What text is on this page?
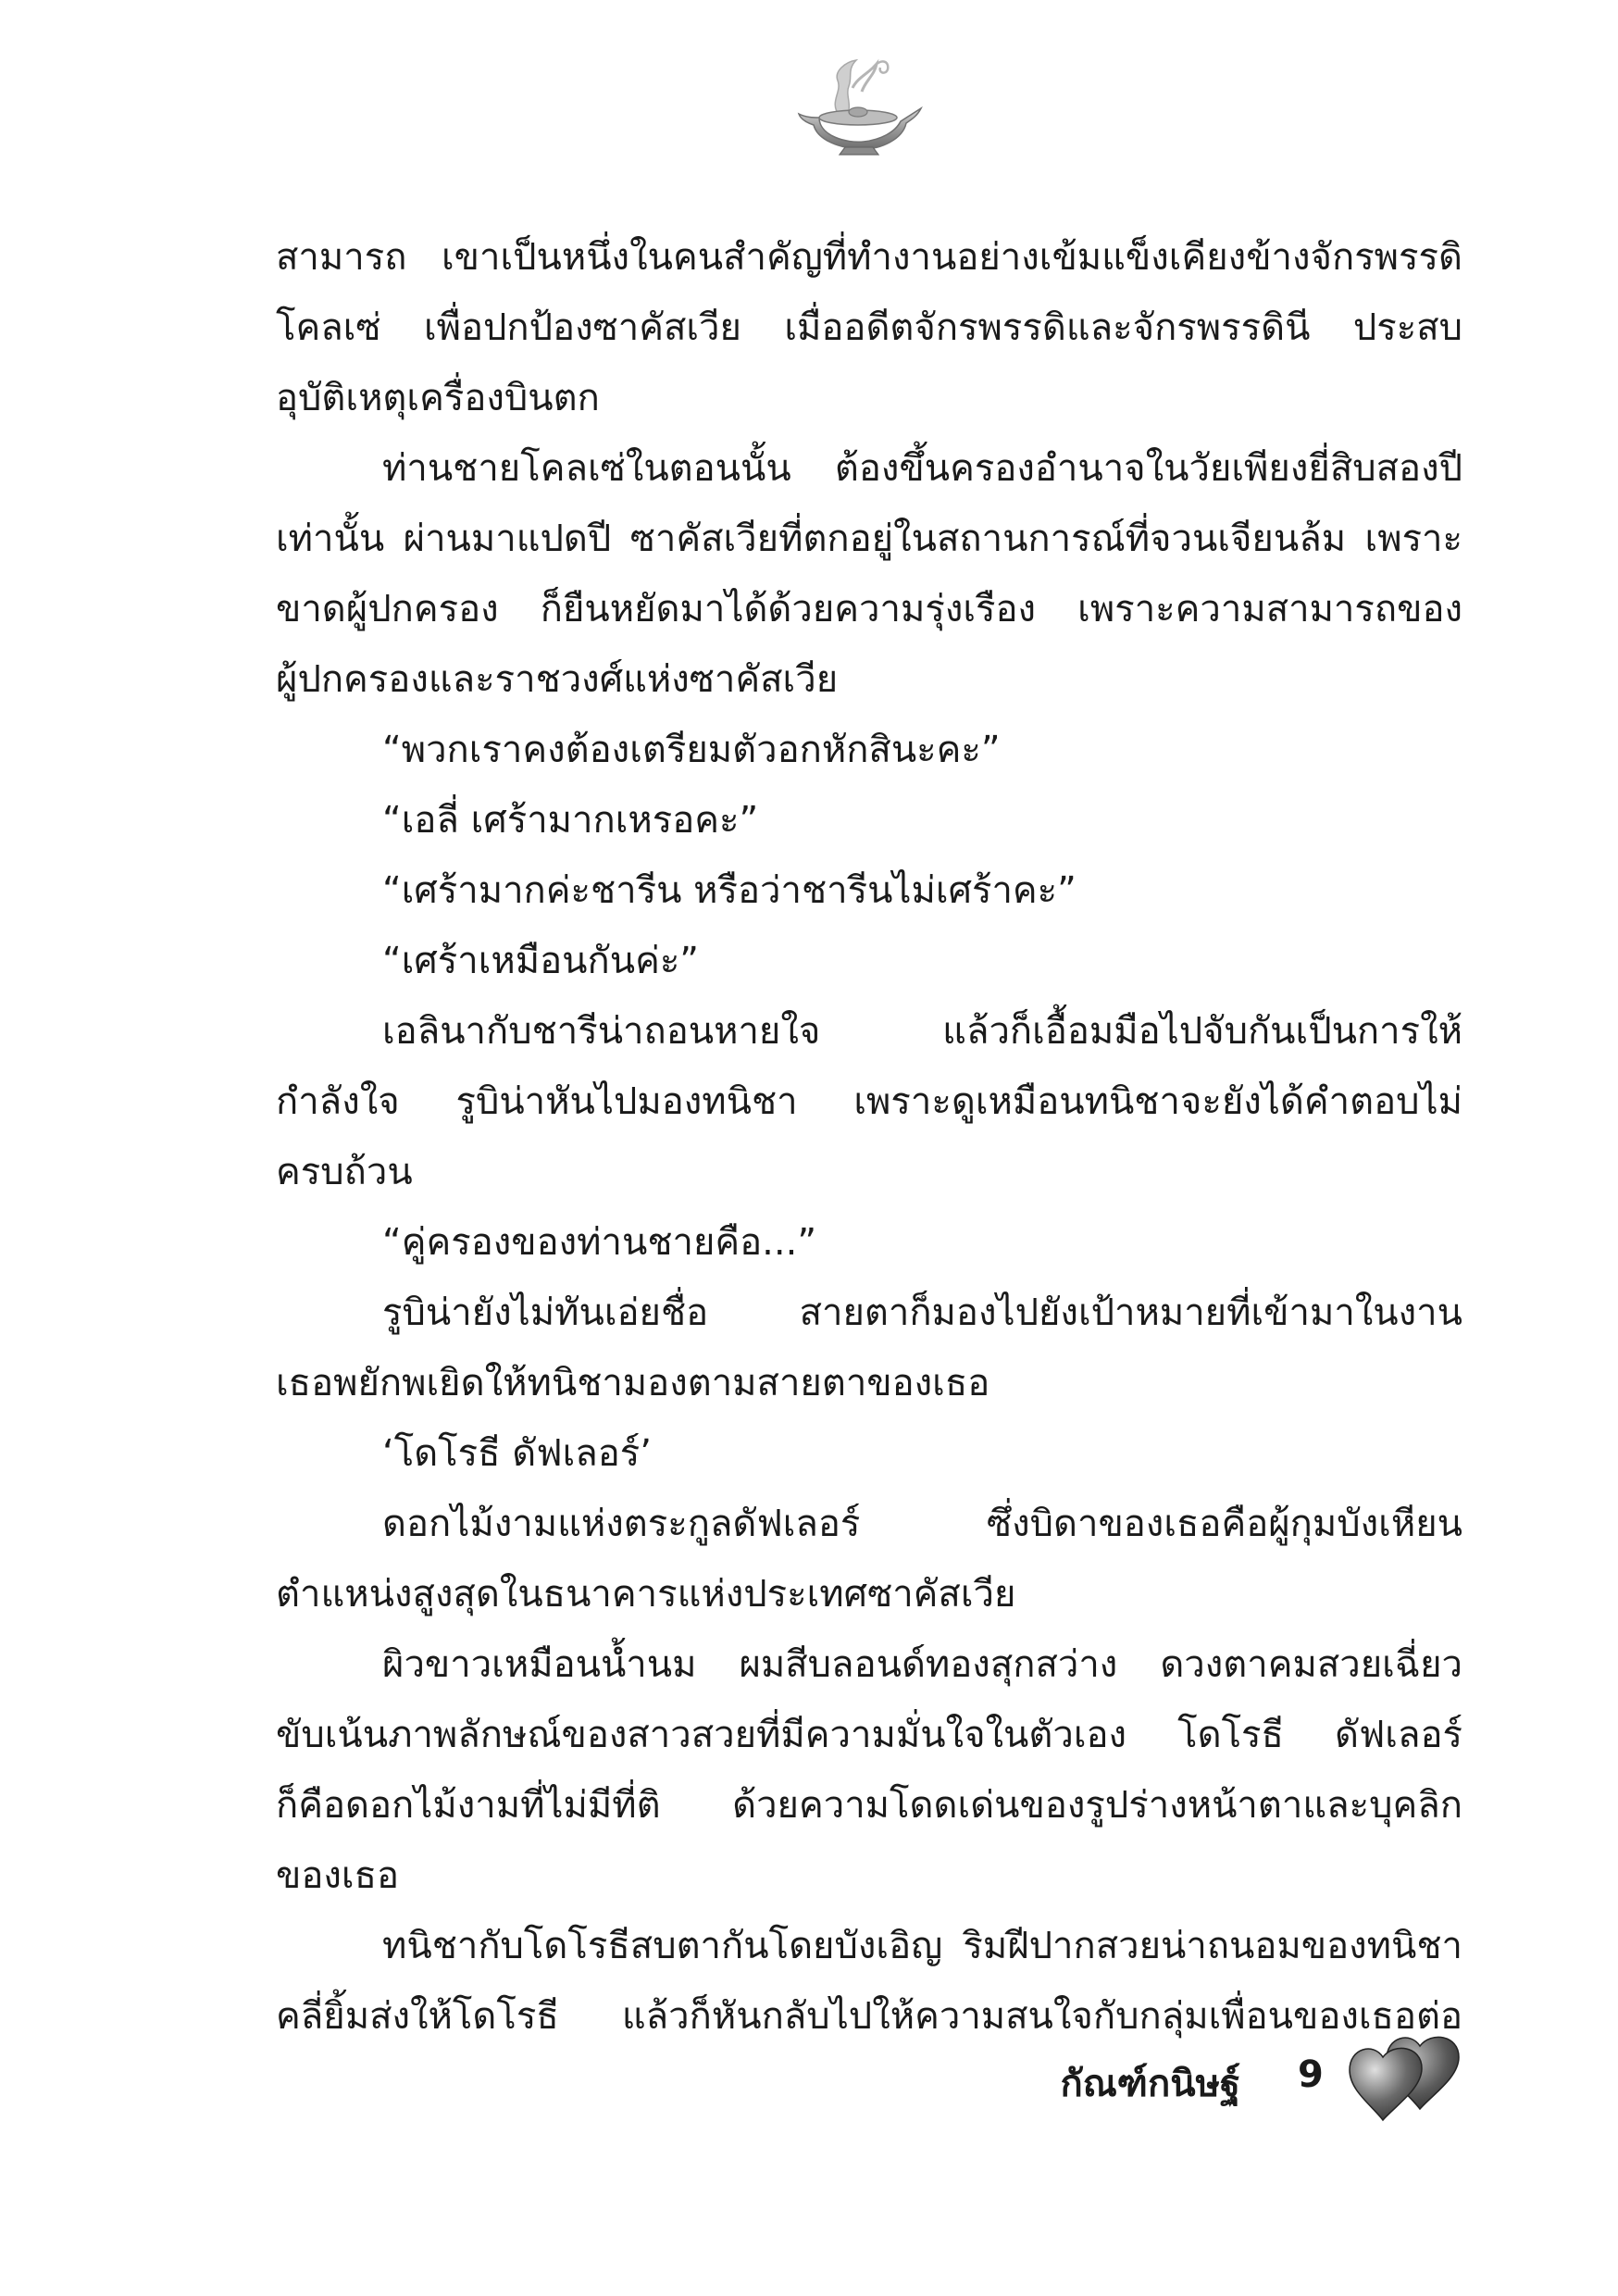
สามารถ เขาเป็นหนึ่งในคนสำคัญที่ทำงานอย่างเข้มแข็งเคียงข้างจักรพรรดิ
โคลเซ่ เพื่อปกป้องซาคัสเวีย เมื่ออดีตจักรพรรดิและจักรพรรดินี ประสบ
อุบัติเหตุเครื่องบินตก
ท่านชายโคลเซ่ในตอนนั้น ต้องขึ้นครองอำนาจในวัยเพียงยี่สิบสองปี
เท่านั้น ผ่านมาแปดปี ซาคัสเวียที่ตกอยู่ในสถานการณ์ที่จวนเจียนล้ม เพราะ
ขาดผู้ปกครอง ก็ยืนหยัดมาได้ด้วยความรุ่งเรือง เพราะความสามารถของ
ผู้ปกครองและราชวงศ์แห่งซาคัสเวีย
“พวกเราคงต้องเตรียมตัวอกหักสินะคะ”
“เอลี่ เศร้ามากเหรอคะ”
“เศร้ามากค่ะชารีน หรือว่าชารีนไม่เศร้าคะ”
“เศร้าเหมือนกันค่ะ”
เอลินากับชารีน่าถอนหายใจ แล้วก็เอื้อมมือไปจับกันเป็นการให้
กำลังใจ รูบิน่าหันไปมองทนิชา เพราะดูเหมือนทนิชาจะยังได้คำตอบไม่
ครบถ้วน
“คู่ครองของท่านชายคือ...”
รูบิน่ายังไม่ทันเอ่ยชื่อ สายตาก็มองไปยังเป้าหมายที่เข้ามาในงาน
เธอพยักพเยิดให้ทนิชามองตามสายตาของเธอ
‘โดโรธี ดัฟเลอร์’
ดอกไม้งามแห่งตระกูลดัฟเลอร์ ซึ่งบิดาของเธอคือผู้กุมบังเหียน
ตำแหน่งสูงสุดในธนาคารแห่งประเทศซาคัสเวีย
ผิวขาวเหมือนน้ำนม ผมสีบลอนด์ทองสุกสว่าง ดวงตาคมสวยเฉี่ยว
ขับเน้นภาพลักษณ์ของสาวสวยที่มีความมั่นใจในตัวเอง โดโรธี ดัฟเลอร์
ก็คือดอกไม้งามที่ไม่มีที่ติ ด้วยความโดดเด่นของรูปร่างหน้าตาและบุคลิก
ของเธอ
ทนิชากับโดโรธีสบตากันโดยบังเอิญ ริมฝีปากสวยน่าถนอมของทนิชา
คลี่ยิ้มส่งให้โดโรธี แล้วก็หันกลับไปให้ความสนใจกับกลุ่มเพื่อนของเธอต่อ
กัณฑ์กนิษฐ์ 9
